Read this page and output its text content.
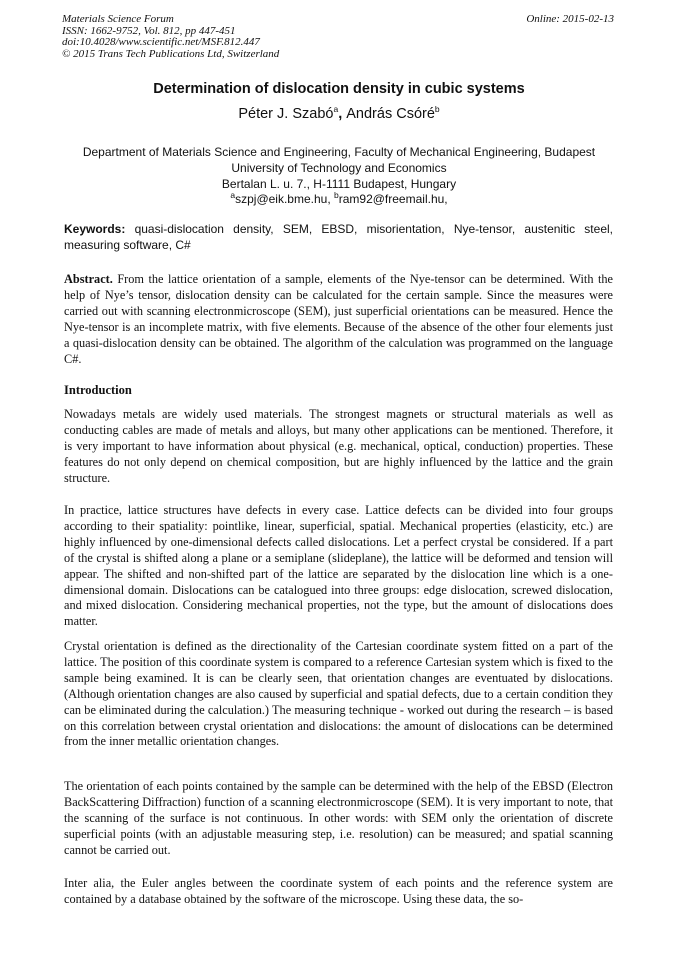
Materials Science Forum
ISSN: 1662-9752, Vol. 812, pp 447-451
doi:10.4028/www.scientific.net/MSF.812.447
© 2015 Trans Tech Publications Ltd, Switzerland
Online: 2015-02-13
Determination of dislocation density in cubic systems
Péter J. Szabó$^a$, András Csóré$^b$
Department of Materials Science and Engineering, Faculty of Mechanical Engineering, Budapest
University of Technology and Economics
Bertalan L. u. 7., H-1111 Budapest, Hungary
$^a$szpj@eik.bme.hu, $^b$ram92@freemail.hu,
Keywords: quasi-dislocation density, SEM, EBSD, misorientation, Nye-tensor, austenitic steel, measuring software, C#

Abstract. From the lattice orientation of a sample, elements of the Nye-tensor can be determined. With the help of Nye’s tensor, dislocation density can be calculated for the certain sample. Since the measures were carried out with scanning electronmicroscope (SEM), just superficial orientations can be measured. Hence the Nye-tensor is an incomplete matrix, with five elements. Because of the absence of the other four elements just a quasi-dislocation density can be obtained. The algorithm of the calculation was programmed on the language C#.

Introduction

Nowadays metals are widely used materials. The strongest magnets or structural materials as well as conducting cables are made of metals and alloys, but many other applications can be mentioned. Therefore, it is very important to have information about physical (e.g. mechanical, optical, conduction) properties. These features do not only depend on chemical composition, but are highly influenced by the lattice and the grain structure.

In practice, lattice structures have defects in every case. Lattice defects can be divided into four groups according to their spatiality: pointlike, linear, superficial, spatial. Mechanical properties (elasticity, etc.) are highly influenced by one-dimensional defects called dislocations. Let a perfect crystal be considered. If a part of the crystal is shifted along a plane or a semiplane (slideplane), the lattice will be deformed and tension will appear. The shifted and non-shifted part of the lattice are separated by the dislocation line which is a one-dimensional domain. Dislocations can be catalogued into three groups: edge dislocation, screwed dislocation, and mixed dislocation. Considering mechanical properties, not the type, but the amount of dislocations does matter.

Crystal orientation is defined as the directionality of the Cartesian coordinate system fitted on a part of the lattice. The position of this coordinate system is compared to a reference Cartesian system which is fixed to the sample being examined. It is can be clearly seen, that orientation changes are eventuated by dislocations. (Although orientation changes are also caused by superficial and spatial defects, due to a certain condition they can be eliminated during the calculation.) The measuring technique - worked out during the research – is based on this correlation between crystal orientation and dislocations: the amount of dislocations can be determined from the inner metallic orientation changes.

The orientation of each points contained by the sample can be determined with the help of the EBSD (Electron BackScattering Diffraction) function of a scanning electronmicroscope (SEM). It is very important to note, that the scanning of the surface is not continuous. In other words: with SEM only the orientation of discrete superficial points (with an adjustable measuring step, i.e. resolution) can be measured; and spatial scanning cannot be carried out.

Inter alia, the Euler angles between the coordinate system of each points and the reference system are contained by a database obtained by the software of the microscope. Using these data, the so-
